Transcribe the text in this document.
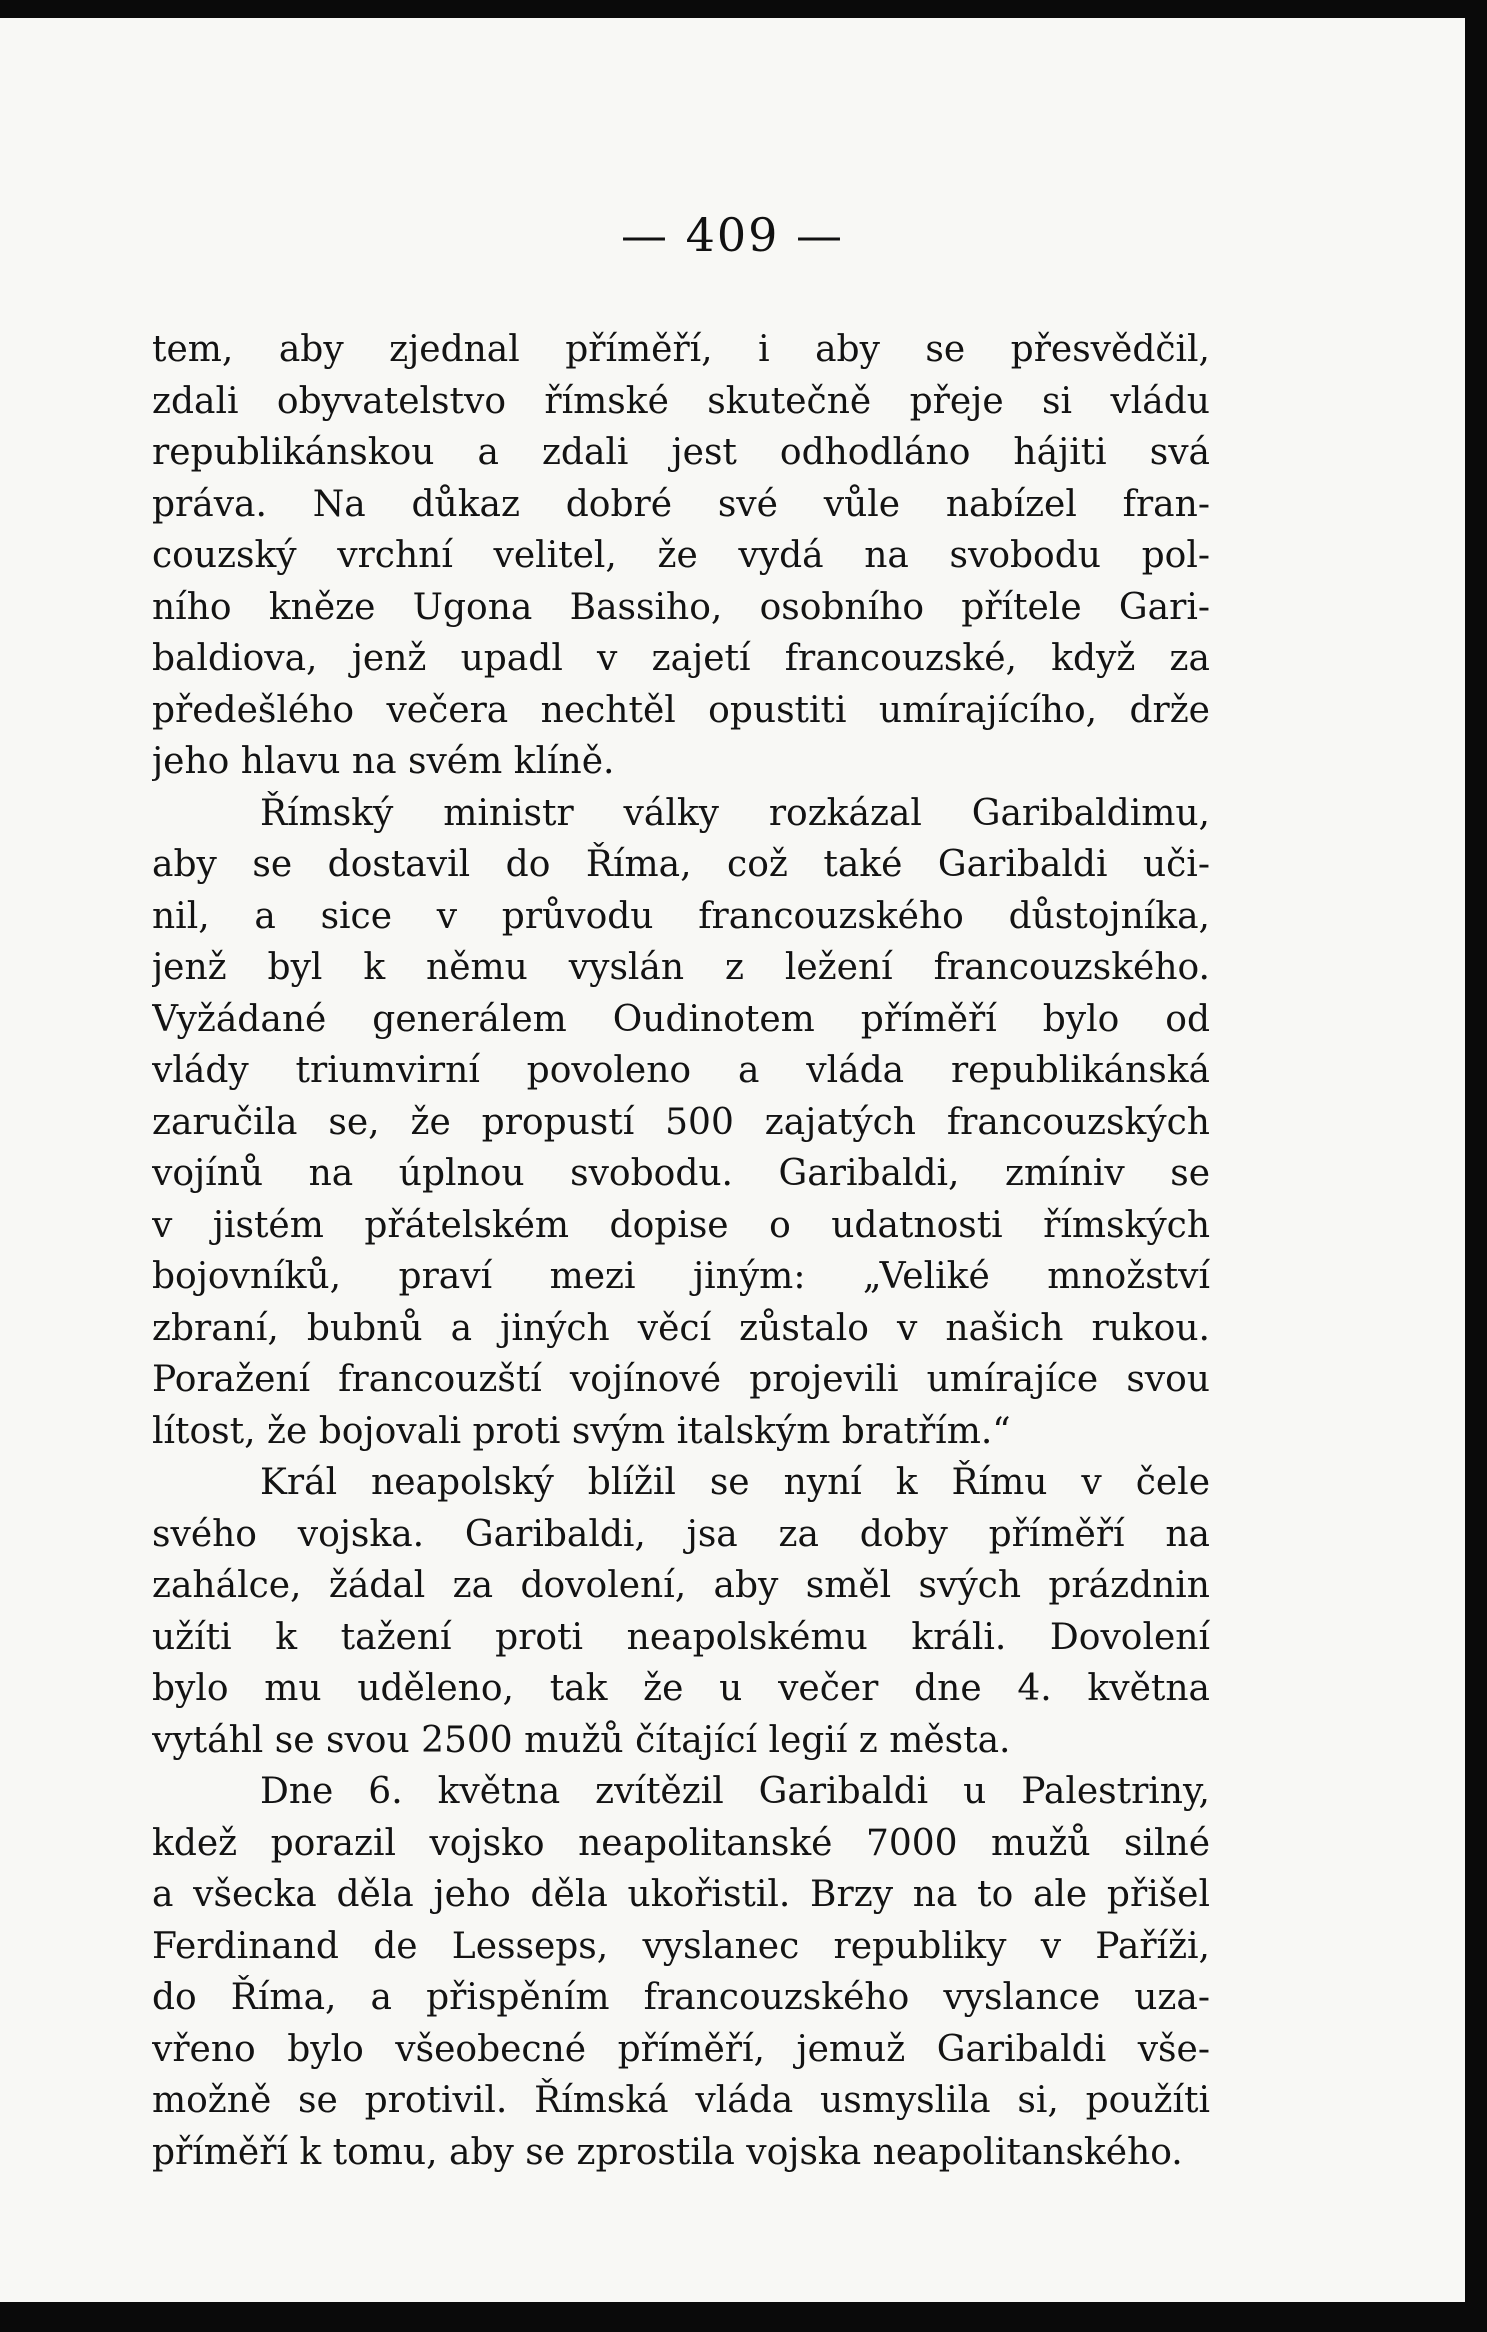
— 409 —
tem, aby zjednal příměří, i aby se přesvědčil,
zdali obyvatelstvo římské skutečně přeje si vládu
republikánskou a zdali jest odhodláno hájiti svá
práva. Na důkaz dobré své vůle nabízel fran-
couzský vrchní velitel, že vydá na svobodu pol-
ního kněze Ugona Bassiho, osobního přítele Gari-
baldiova, jenž upadl v zajetí francouzské, když za
předešlého večera nechtěl opustiti umírajícího, drže
jeho hlavu na svém klíně.
Římský ministr války rozkázal Garibaldimu,
aby se dostavil do Říma, což také Garibaldi uči-
nil, a sice v průvodu francouzského důstojníka,
jenž byl k němu vyslán z ležení francouzského.
Vyžádané generálem Oudinotem příměří bylo od
vlády triumvirní povoleno a vláda republikánská
zaručila se, že propustí 500 zajatých francouzských
vojínů na úplnou svobodu. Garibaldi, zmíniv se
v jistém přátelském dopise o udatnosti římských
bojovníků, praví mezi jiným: „Veliké množství
zbraní, bubnů a jiných věcí zůstalo v našich rukou.
Poražení francouzští vojínové projevili umírajíce svou
lítost, že bojovali proti svým italským bratřím.“
Král neapolský blížil se nyní k Římu v čele
svého vojska. Garibaldi, jsa za doby příměří na
zahálce, žádal za dovolení, aby směl svých prázdnin
užíti k tažení proti neapolskému králi. Dovolení
bylo mu uděleno, tak že u večer dne 4. května
vytáhl se svou 2500 mužů čítající legií z města.
Dne 6. května zvítězil Garibaldi u Palestriny,
kdež porazil vojsko neapolitanské 7000 mužů silné
a všecka děla jeho děla ukořistil. Brzy na to ale přišel
Ferdinand de Lesseps, vyslanec republiky v Paříži,
do Říma, a přispěním francouzského vyslance uza-
vřeno bylo všeobecné příměří, jemuž Garibaldi vše-
možně se protivil. Římská vláda usmyslila si, použíti
příměří k tomu, aby se zprostila vojska neapolitanského.
